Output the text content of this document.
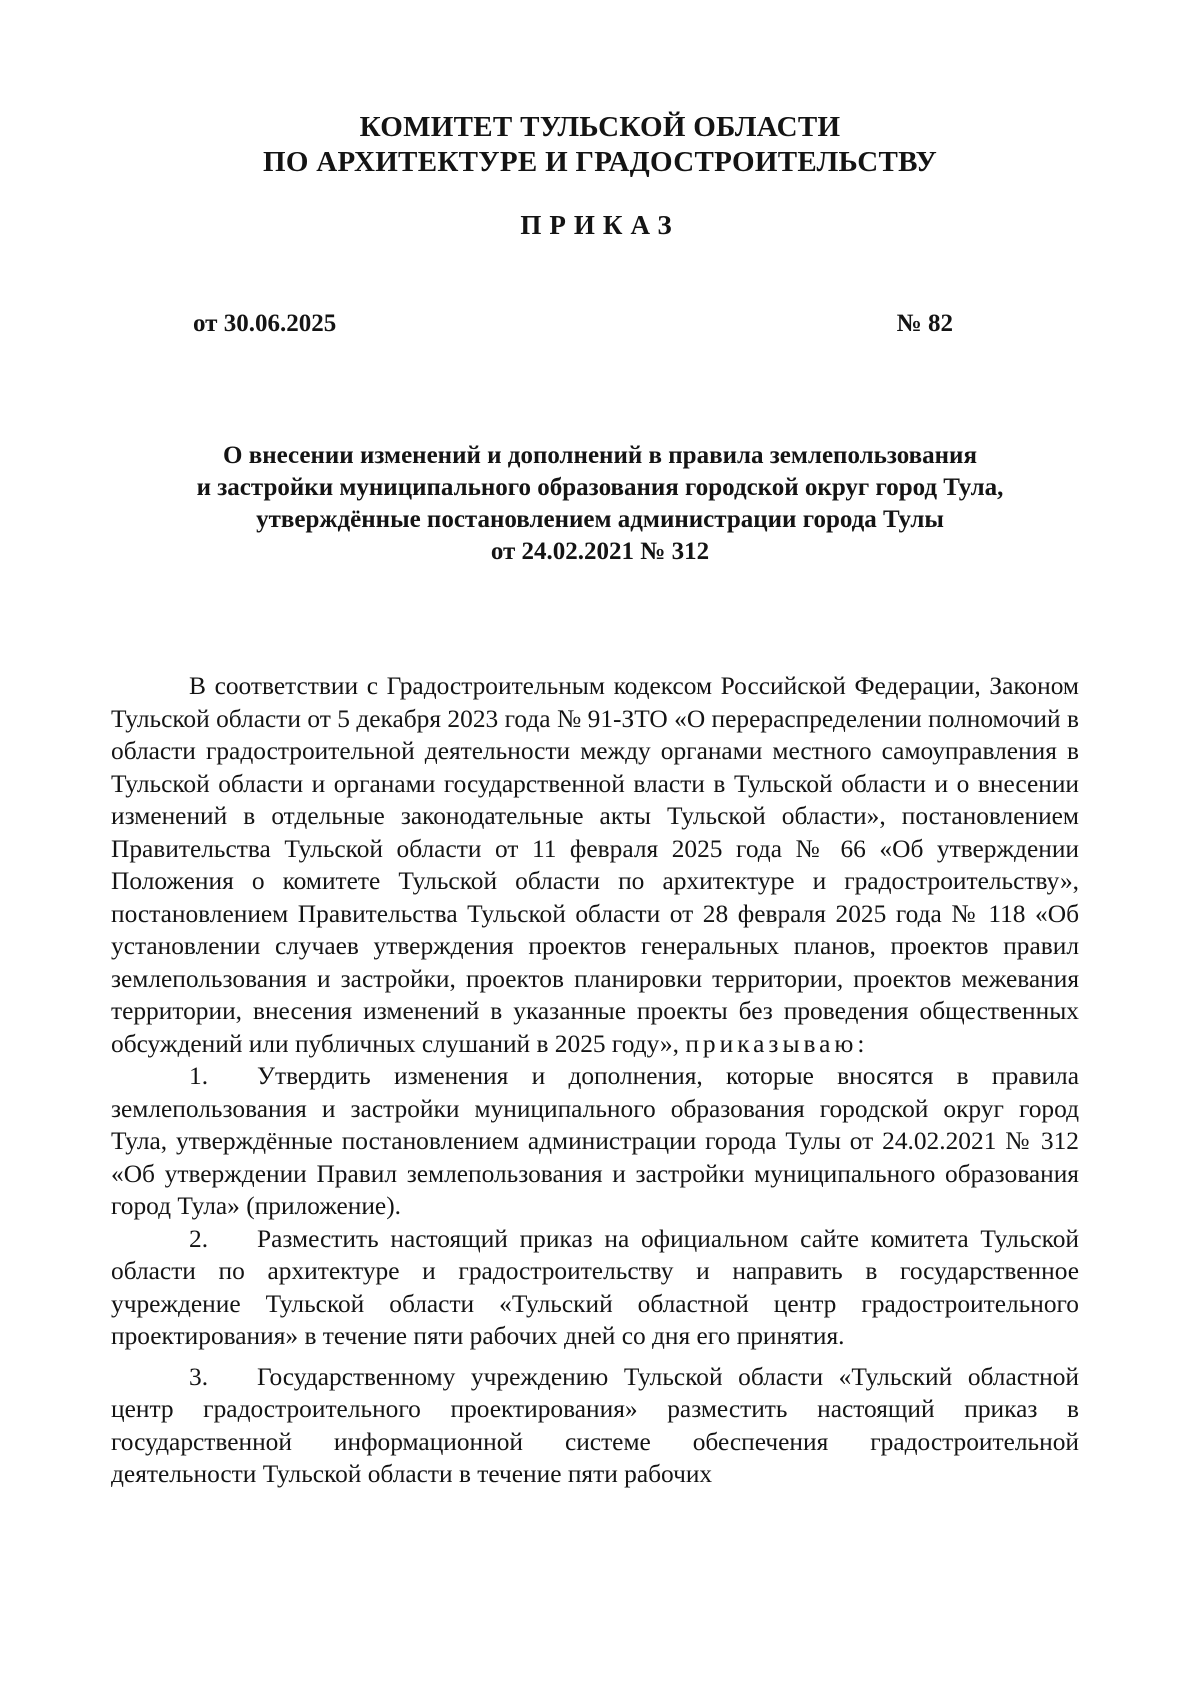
КОМИТЕТ ТУЛЬСКОЙ ОБЛАСТИ
ПО АРХИТЕКТУРЕ И ГРАДОСТРОИТЕЛЬСТВУ
ПРИКАЗ
от 30.06.2025	№ 82
О внесении изменений и дополнений в правила землепользования
и застройки муниципального образования городской округ город Тула,
утверждённые постановлением администрации города Тулы
от 24.02.2021 № 312

В соответствии с Градостроительным кодексом Российской Федерации, Законом Тульской области от 5 декабря 2023 года № 91-ЗТО «О перераспределении полномочий в области градостроительной деятельности между органами местного самоуправления в Тульской области и органами государственной власти в Тульской области и о внесении изменений в отдельные законодательные акты Тульской области», постановлением Правительства Тульской области от 11 февраля 2025 года № 66 «Об утверждении Положения о комитете Тульской области по архитектуре и градостроительству», постановлением Правительства Тульской области от 28 февраля 2025 года № 118 «Об установлении случаев утверждения проектов генеральных планов, проектов правил землепользования и застройки, проектов планировки территории, проектов межевания территории, внесения изменений в указанные проекты без проведения общественных обсуждений или публичных слушаний в 2025 году», приказываю:

1. Утвердить изменения и дополнения, которые вносятся в правила землепользования и застройки муниципального образования городской округ город Тула, утверждённые постановлением администрации города Тулы от 24.02.2021 № 312 «Об утверждении Правил землепользования и застройки муниципального образования город Тула» (приложение).

2. Разместить настоящий приказ на официальном сайте комитета Тульской области по архитектуре и градостроительству и направить в государственное учреждение Тульской области «Тульский областной центр градостроительного проектирования» в течение пяти рабочих дней со дня его принятия.

3. Государственному учреждению Тульской области «Тульский областной центр градостроительного проектирования» разместить настоящий приказ в государственной информационной системе обеспечения градостроительной деятельности Тульской области в течение пяти рабочих
